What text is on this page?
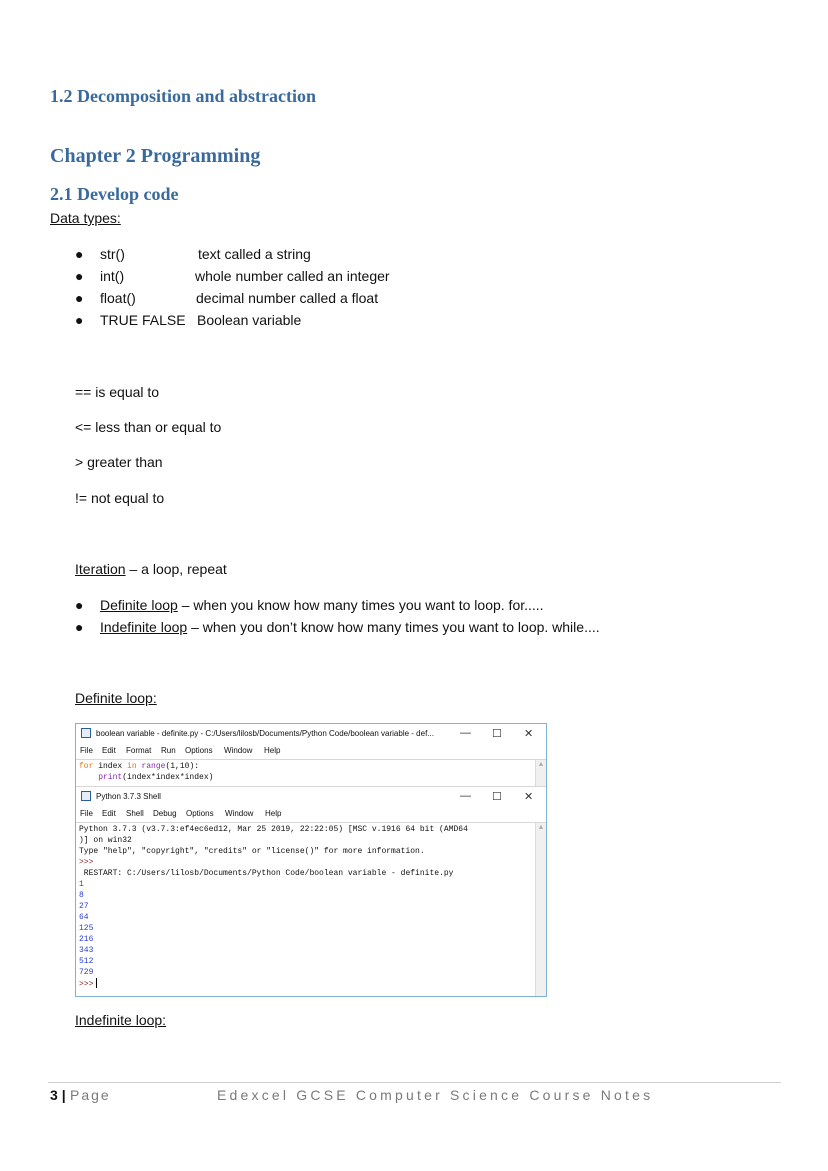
1.2 Decomposition and abstraction
Chapter 2 Programming
2.1 Develop code
Data types:
● str()	text called a string
● int()	whole number called an integer
● float()	decimal number called a float
● TRUE FALSE Boolean variable
== is equal to
<= less than or equal to
> greater than
!= not equal to
Iteration – a loop, repeat
● Definite loop – when you know how many times you want to loop. for.....
● Indefinite loop – when you don’t know how many times you want to loop. while....
Definite loop:
boolean variable - definite.py - C:/Users/lilosb/Documents/Python Code/boolean variable - def... — ☐ ✕
File Edit Format Run Options Window Help
for index in range(1,10):
print(index*index*index)
▲
Python 3.7.3 Shell	— ☐ ✕
File Edit Shell Debug Options Window Help
Python 3.7.3 (v3.7.3:ef4ec6ed12, Mar 25 2019, 22:22:05) [MSC v.1916 64 bit (AMD64
)] on win32
Type "help", "copyright", "credits" or "license()" for more information.
>>>
RESTART: C:/Users/lilosb/Documents/Python Code/boolean variable - definite.py
1
8
27
64
125
216
343
512
729
>>>
▲
Indefinite loop:
3 | Page	Edexcel GCSE Computer Science Course Notes
